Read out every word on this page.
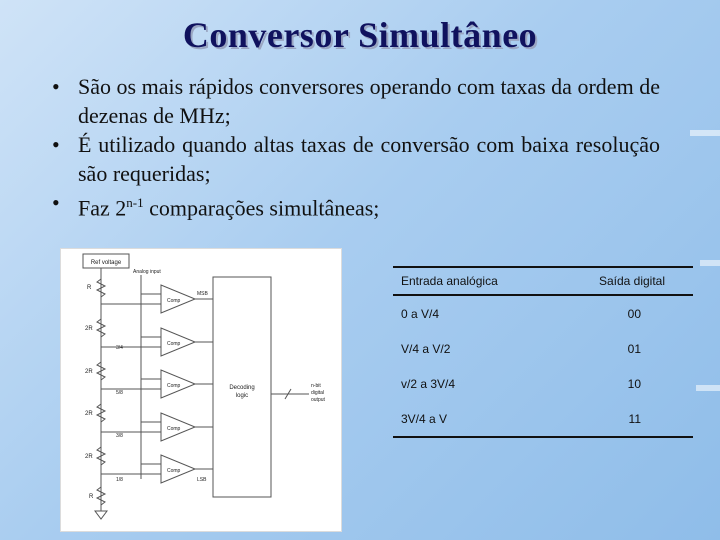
Conversor Simultâneo
• São os mais rápidos conversores operando com taxas da ordem de dezenas de MHz;
• É utilizado quando altas taxas de conversão com baixa resolução são requeridas;
• Faz 2$^{n-1}$ comparações simultâneas;
Ref voltage
Analog input
R
2R
2R
2R
2R
R
3/4
5/8
3/8
1/8
Comp
Comp
Comp
Comp
Comp
MSB
LSB
Decoding
logic
n-bit
digital
output
Entrada analógica	Saída digital
0 a V/4	00
V/4 a V/2	01
v/2 a 3V/4	10
3V/4 a V	11
